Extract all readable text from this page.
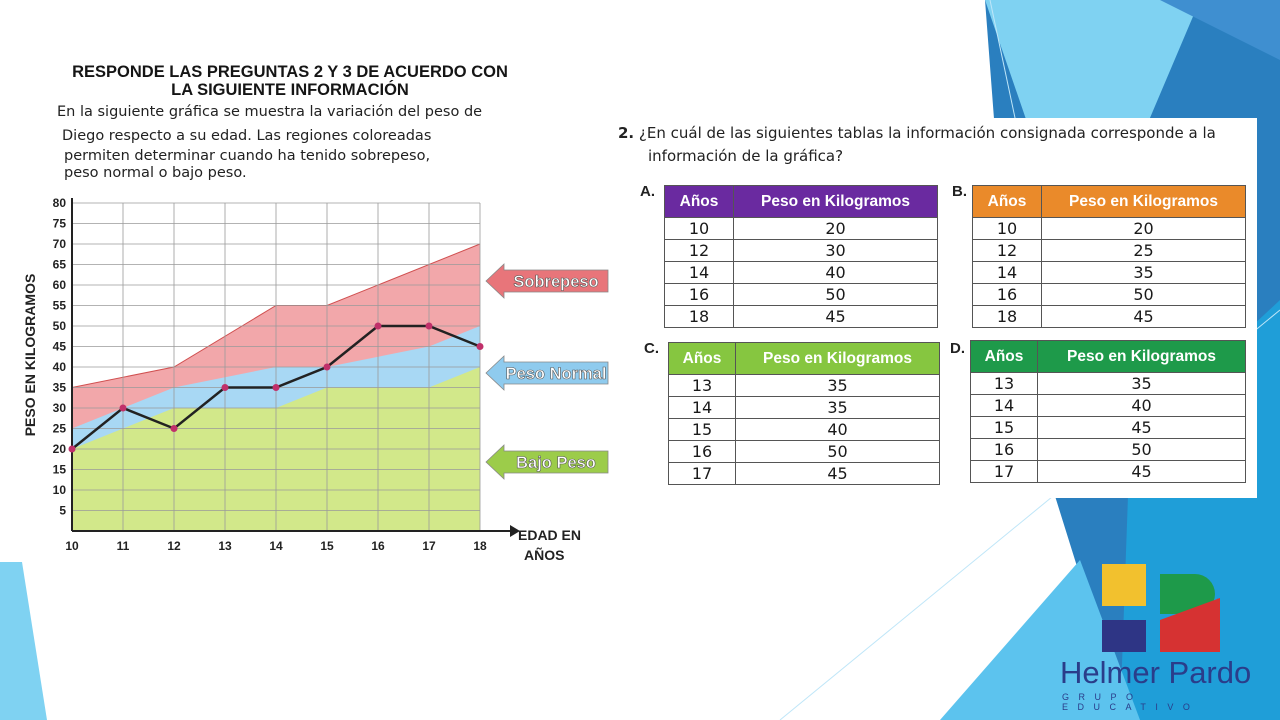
RESPONDE LAS PREGUNTAS 2 Y 3 DE ACUERDO CON
LA SIGUIENTE INFORMACIÓN
En la siguiente gráfica se muestra la variación del peso de
Diego respecto a su edad. Las regiones coloreadas
permiten determinar cuando ha tenido sobrepeso,
peso normal o bajo peso.
5
10
15
20
25
30
35
40
45
50
55
60
65
70
75
80
10	11	12	13	14	15	16	17	18
Bajo Peso
Peso Normal
Sobrepeso
PESO EN KILOGRAMOS
EDAD EN
AÑOS
2. ¿En cuál de las siguientes tablas la información consignada corresponde a la
información de la gráfica?
A.	B.
C.	D.
Años	Peso en Kilogramos
10	20
12	30
14	40
16	50
18	45
Años	Peso en Kilogramos
10	20
12	25
14	35
16	50
18	45
Años	Peso en Kilogramos
13	35
14	35
15	40
16	50
17	45
Años	Peso en Kilogramos
13	35
14	40
15	45
16	50
17	45
Helmer Pardo
GRUPO EDUCATIVO
